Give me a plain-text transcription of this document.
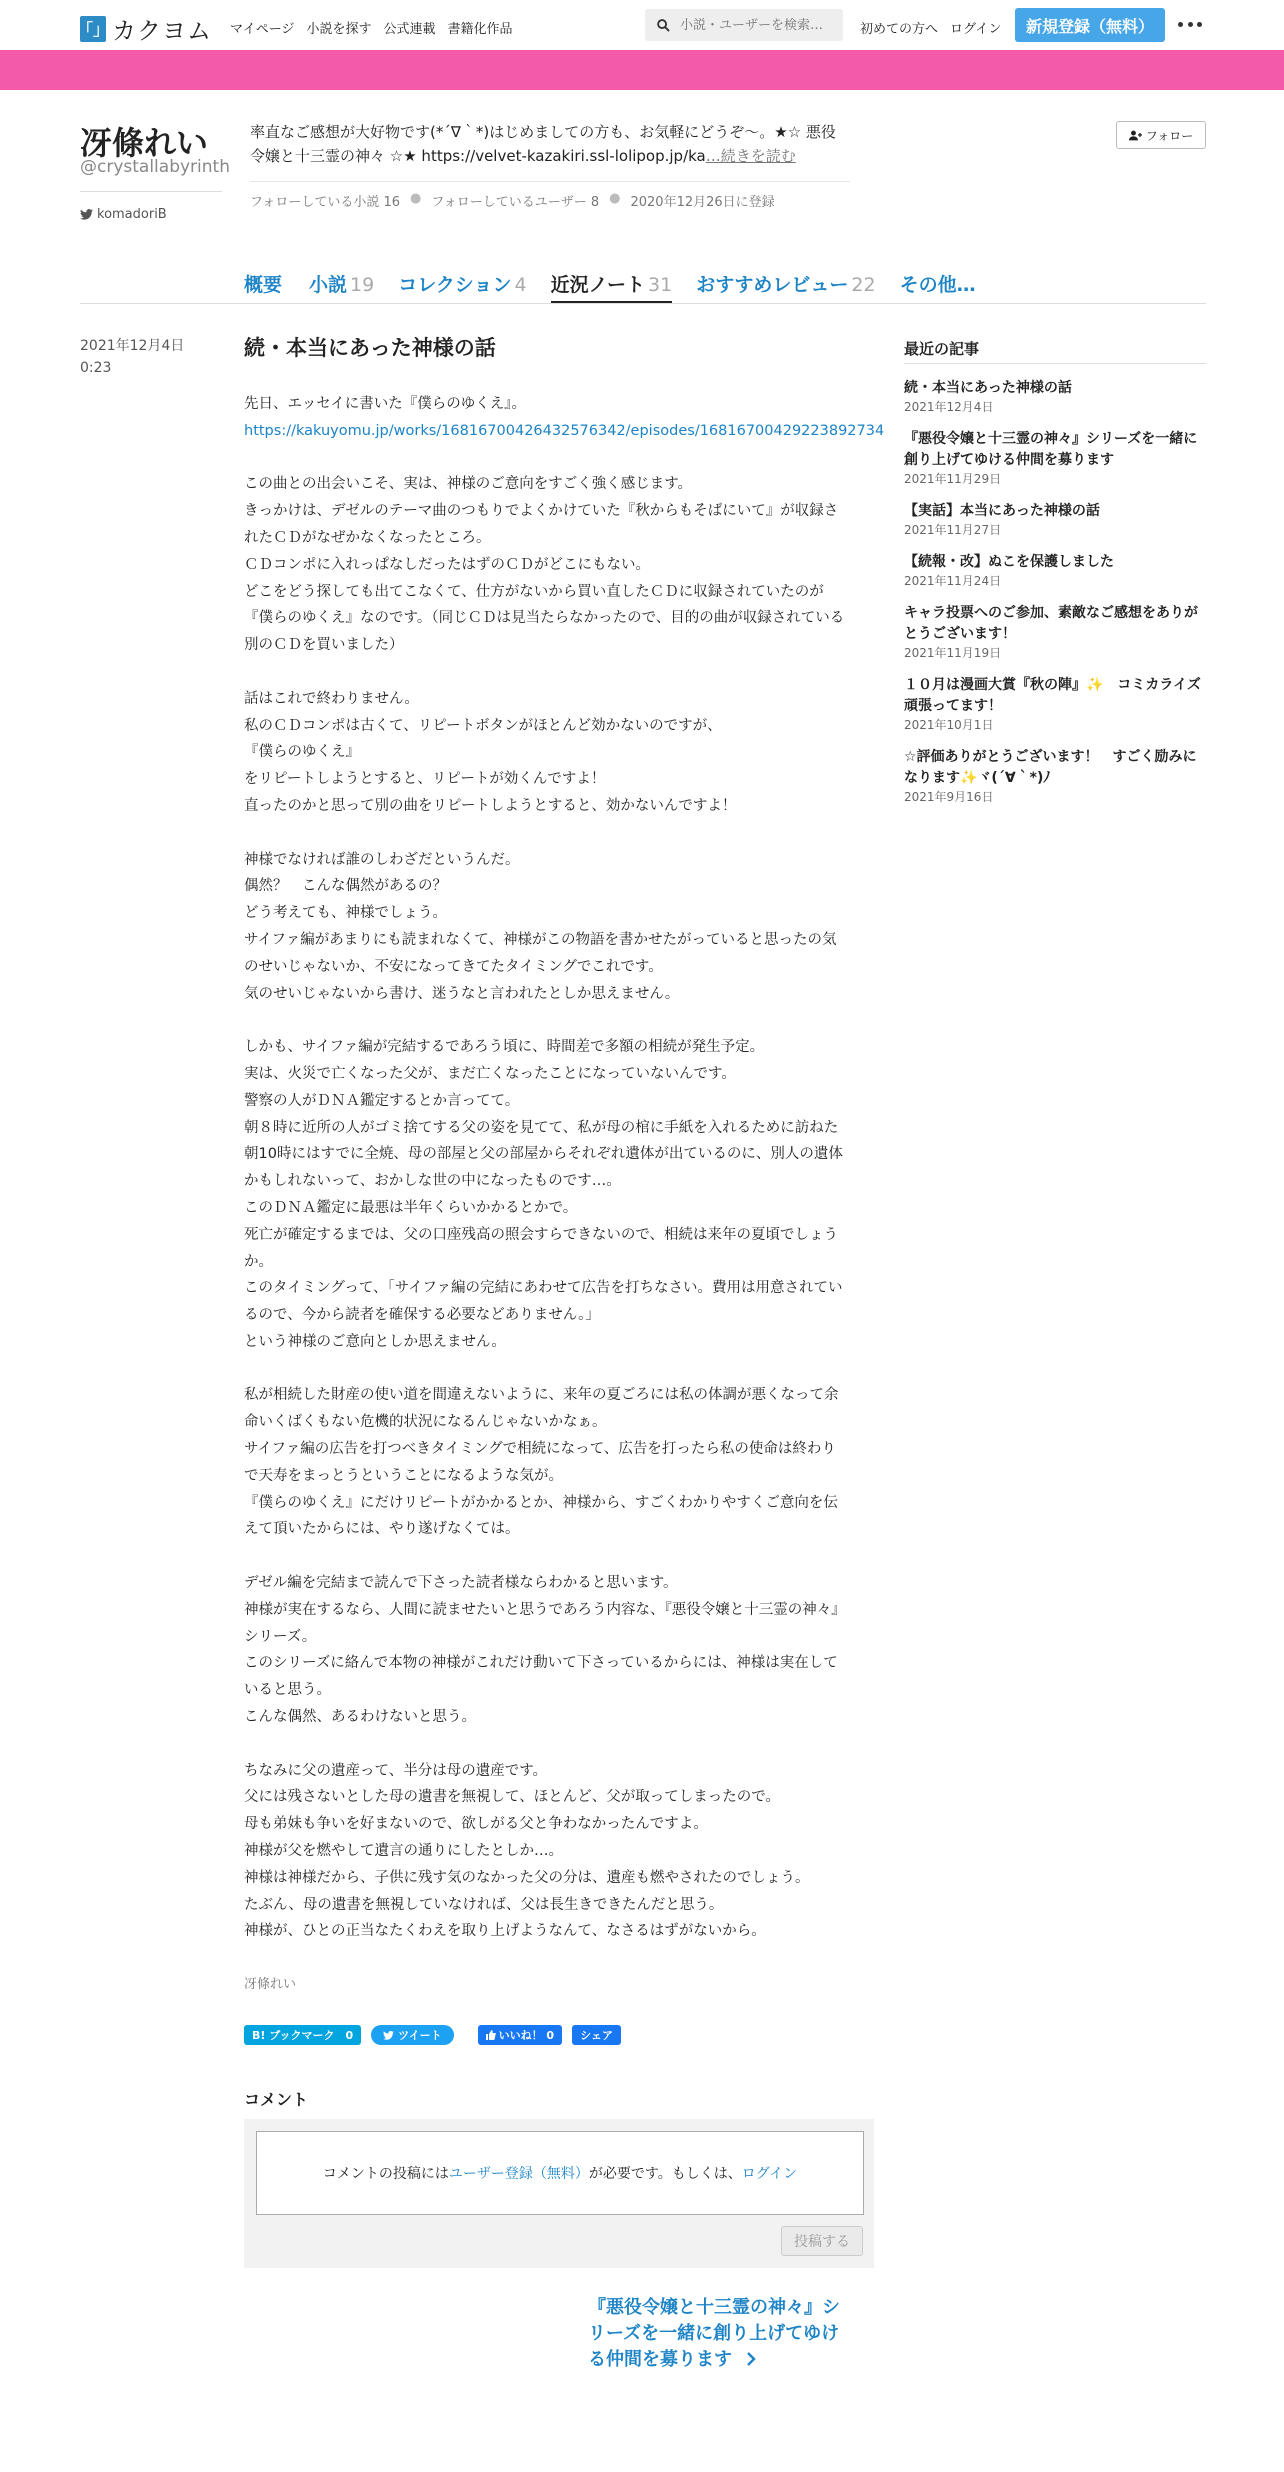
「」 カクヨム マイページ 小説を探す 公式連載 書籍化作品
小説・ユーザーを検索…	初めての方へ ログイン	新規登録（無料）
冴條れい
@crystallabyrinth
komadoriB
率直なご感想が大好物です(*´∇｀*)はじめましての方も、お気軽にどうぞ〜。★☆ 悪役
令嬢と十三霊の神々 ☆★ https://velvet-kazakiri.ssl-lolipop.jp/ka…続きを読む
フォローしている小説 16 ● フォローしているユーザー 8 ● 2020年12月26日に登録
フォロー
概要 小説 19 コレクション 4 近況ノート 31 おすすめレビュー 22 その他…
2021年12月4日
0:23
続・本当にあった神様の話

先日、エッセイに書いた『僕らのゆくえ』。

https://kakuyomu.jp/works/16816700426432576342/episodes/16816700429223892734

この曲との出会いこそ、実は、神様のご意向をすごく強く感じます。

きっかけは、デゼルのテーマ曲のつもりでよくかけていた『秋からもそばにいて』が収録されたＣＤがなぜかなくなったところ。

ＣＤコンポに入れっぱなしだったはずのＣＤがどこにもない。

どこをどう探しても出てこなくて、仕方がないから買い直したＣＤに収録されていたのが『僕らのゆくえ』なのです。（同じＣＤは見当たらなかったので、目的の曲が収録されている別のＣＤを買いました）

話はこれで終わりません。

私のＣＤコンポは古くて、リピートボタンがほとんど効かないのですが、

『僕らのゆくえ』

をリピートしようとすると、リピートが効くんですよ！

直ったのかと思って別の曲をリピートしようとすると、効かないんですよ！

神様でなければ誰のしわざだというんだ。

偶然？　こんな偶然があるの？

どう考えても、神様でしょう。

サイファ編があまりにも読まれなくて、神様がこの物語を書かせたがっていると思ったの気のせいじゃないか、不安になってきてたタイミングでこれです。

気のせいじゃないから書け、迷うなと言われたとしか思えません。

しかも、サイファ編が完結するであろう頃に、時間差で多額の相続が発生予定。

実は、火災で亡くなった父が、まだ亡くなったことになっていないんです。

警察の人がＤＮＡ鑑定するとか言ってて。

朝８時に近所の人がゴミ捨てする父の姿を見てて、私が母の棺に手紙を入れるために訪ねた朝10時にはすでに全焼、母の部屋と父の部屋からそれぞれ遺体が出ているのに、別人の遺体かもしれないって、おかしな世の中になったものです…。

このＤＮＡ鑑定に最悪は半年くらいかかるとかで。

死亡が確定するまでは、父の口座残高の照会すらできないので、相続は来年の夏頃でしょうか。

このタイミングって、「サイファ編の完結にあわせて広告を打ちなさい。費用は用意されているので、今から読者を確保する必要などありません。」

という神様のご意向としか思えません。

私が相続した財産の使い道を間違えないように、来年の夏ごろには私の体調が悪くなって余命いくばくもない危機的状況になるんじゃないかなぁ。

サイファ編の広告を打つべきタイミングで相続になって、広告を打ったら私の使命は終わりで天寿をまっとうということになるような気が。

『僕らのゆくえ』にだけリピートがかかるとか、神様から、すごくわかりやすくご意向を伝えて頂いたからには、やり遂げなくては。

デゼル編を完結まで読んで下さった読者様ならわかると思います。

神様が実在するなら、人間に読ませたいと思うであろう内容な、『悪役令嬢と十三霊の神々』シリーズ。

このシリーズに絡んで本物の神様がこれだけ動いて下さっているからには、神様は実在していると思う。

こんな偶然、あるわけないと思う。

ちなみに父の遺産って、半分は母の遺産です。

父には残さないとした母の遺書を無視して、ほとんど、父が取ってしまったので。

母も弟妹も争いを好まないので、欲しがる父と争わなかったんですよ。

神様が父を燃やして遺言の通りにしたとしか…。

神様は神様だから、子供に残す気のなかった父の分は、遺産も燃やされたのでしょう。

たぶん、母の遺書を無視していなければ、父は長生きできたんだと思う。

神様が、ひとの正当なたくわえを取り上げようなんて、なさるはずがないから。

冴條れい
B! ブックマーク　0	ツイート	いいね！ 0	シェア
コメント
コメントの投稿には ユーザー登録（無料） が必要です。もしくは、 ログイン
投稿する
『悪役令嬢と十三霊の神々』シリーズを一緒に創り上げてゆける仲間を募ります
最近の記事
続・本当にあった神様の話
2021年12月4日
『悪役令嬢と十三霊の神々』シリーズを一緒に創り上げてゆける仲間を募ります
2021年11月29日
【実話】本当にあった神様の話
2021年11月27日
【続報・改】ぬこを保護しました
2021年11月24日
キャラ投票へのご参加、素敵なご感想をありがとうございます！
2021年11月19日
１０月は漫画大賞『秋の陣』✨　コミカライズ頑張ってます！
2021年10月1日
☆評価ありがとうございます！　すごく励みになります✨ヾ(´∀｀*)ﾉ
2021年9月16日
